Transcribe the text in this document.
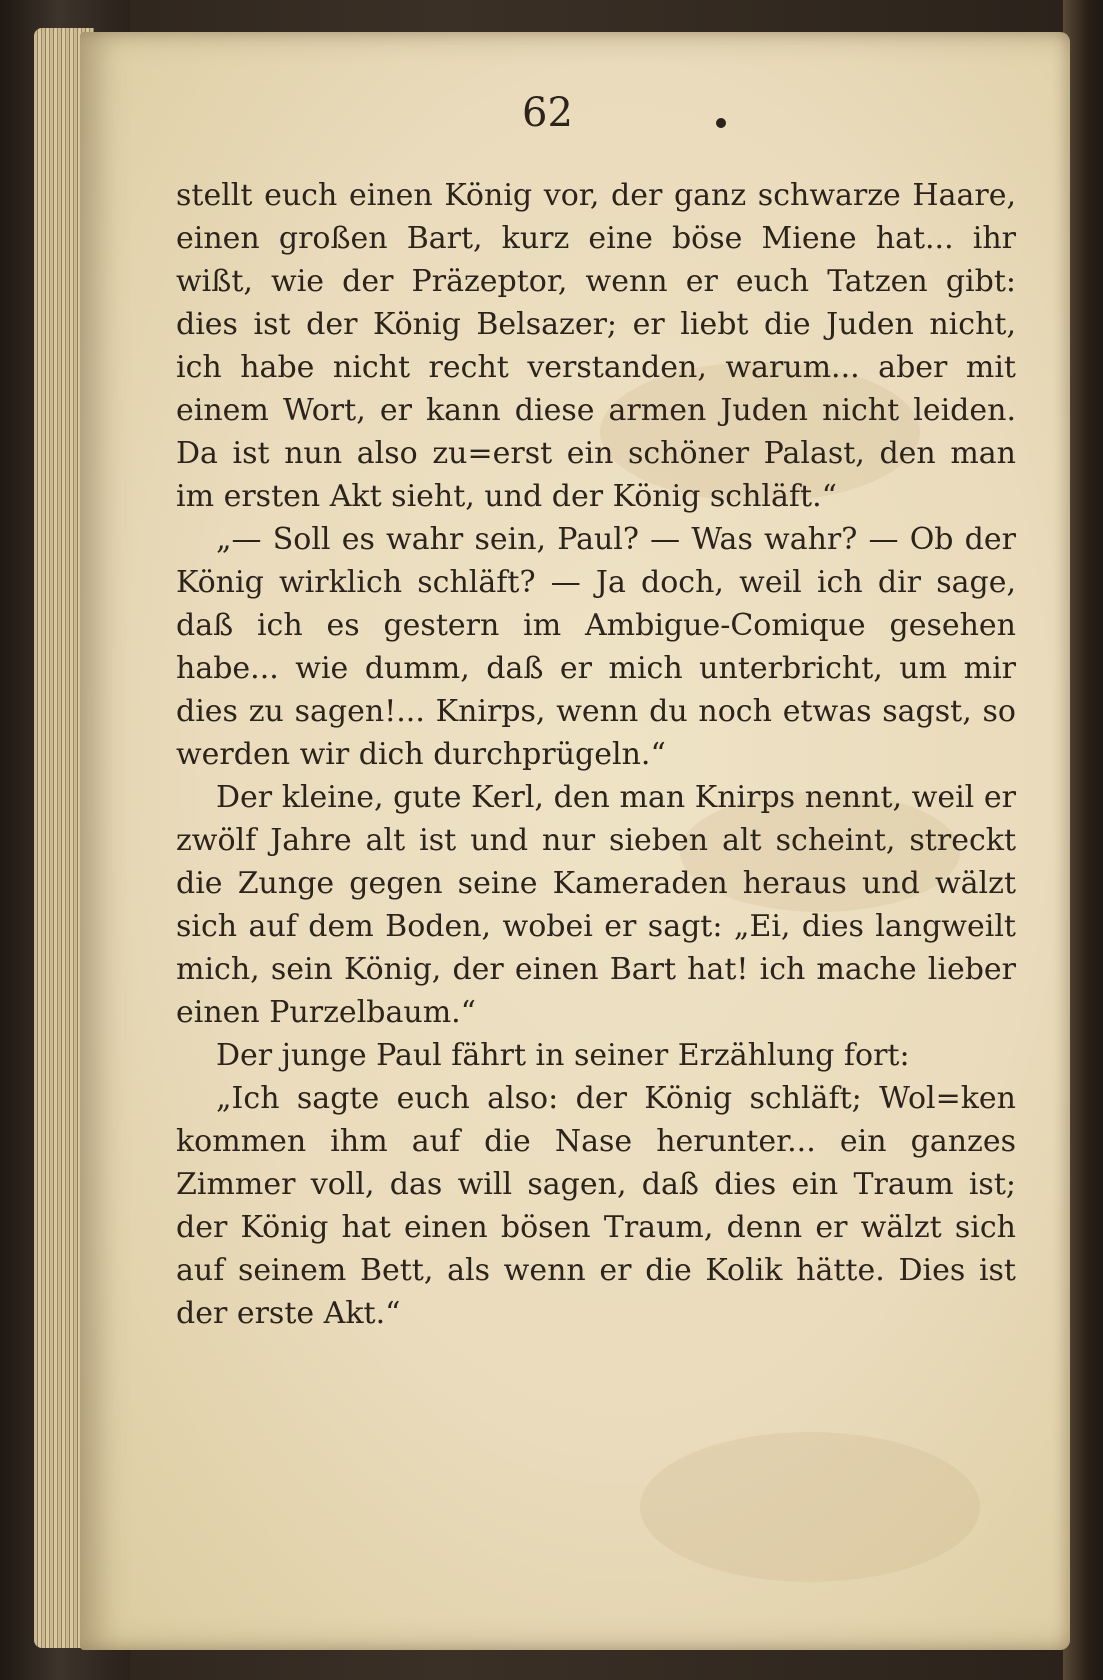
62

stellt euch einen König vor, der ganz schwarze Haare, einen großen Bart, kurz eine böse Miene hat... ihr wißt, wie der Präzeptor, wenn er euch Tatzen gibt: dies ist der König Belsazer; er liebt die Juden nicht, ich habe nicht recht verstanden, warum... aber mit einem Wort, er kann diese armen Juden nicht leiden. Da ist nun also zu=erst ein schöner Palast, den man im ersten Akt sieht, und der König schläft.“

„— Soll es wahr sein, Paul? — Was wahr? — Ob der König wirklich schläft? — Ja doch, weil ich dir sage, daß ich es gestern im Ambigue-Comique gesehen habe... wie dumm, daß er mich unterbricht, um mir dies zu sagen!... Knirps, wenn du noch etwas sagst, so werden wir dich durchprügeln.“

Der kleine, gute Kerl, den man Knirps nennt, weil er zwölf Jahre alt ist und nur sieben alt scheint, streckt die Zunge gegen seine Kameraden heraus und wälzt sich auf dem Boden, wobei er sagt: „Ei, dies langweilt mich, sein König, der einen Bart hat! ich mache lieber einen Purzelbaum.“

Der junge Paul fährt in seiner Erzählung fort:

„Ich sagte euch also: der König schläft; Wol=ken kommen ihm auf die Nase herunter... ein ganzes Zimmer voll, das will sagen, daß dies ein Traum ist; der König hat einen bösen Traum, denn er wälzt sich auf seinem Bett, als wenn er die Kolik hätte. Dies ist der erste Akt.“
